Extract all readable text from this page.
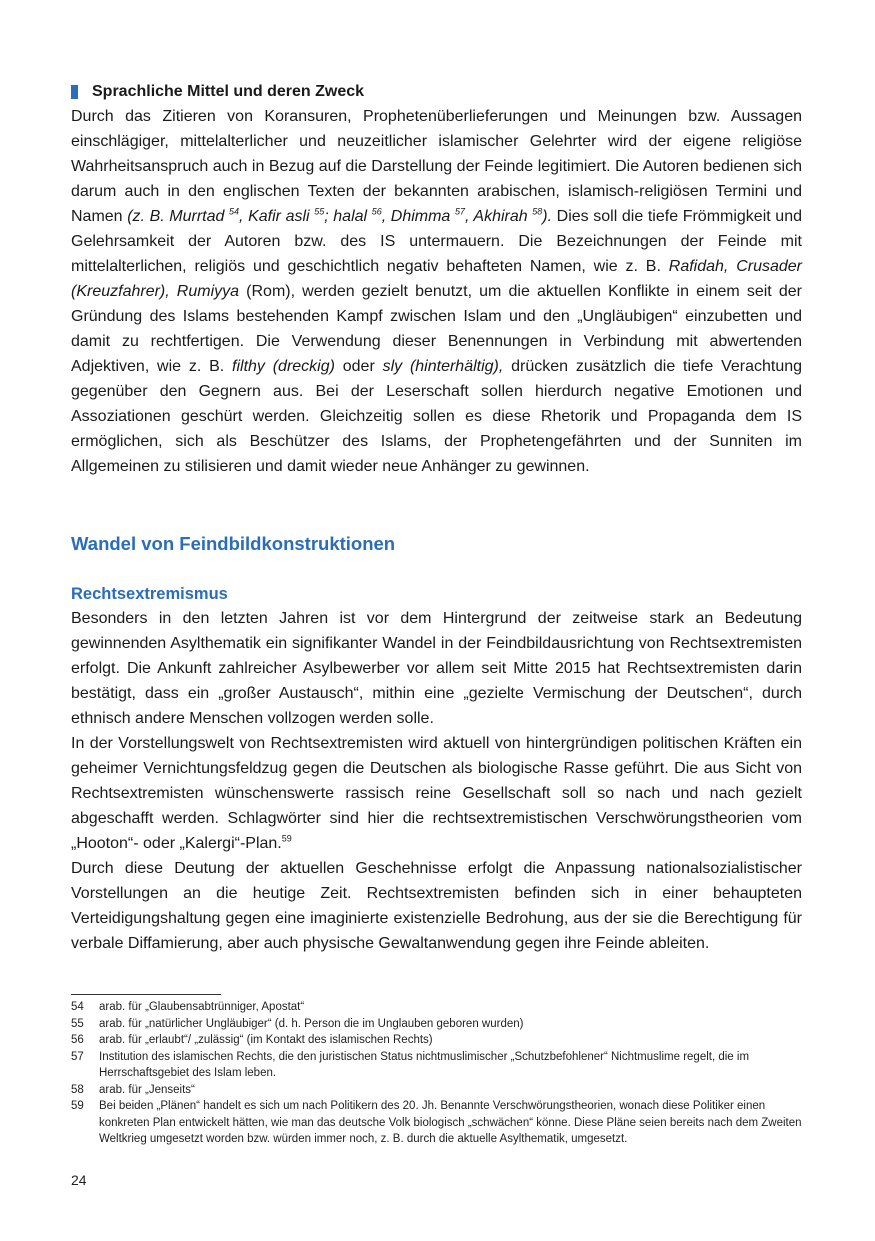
Sprachliche Mittel und deren Zweck

Durch das Zitieren von Koransuren, Prophetenüberlieferungen und Meinungen bzw. Aussagen einschlägiger, mittelalterlicher und neuzeitlicher islamischer Gelehrter wird der eigene religiöse Wahrheitsanspruch auch in Bezug auf die Darstellung der Feinde legitimiert. Die Autoren bedienen sich darum auch in den englischen Texten der bekannten arabischen, islamisch-religiösen Termini und Namen (z. B. Murrtad $^{54}$, Kafir asli $^{55}$; halal $^{56}$, Dhimma $^{57}$, Akhirah $^{58}$). Dies soll die tiefe Frömmigkeit und Gelehrsamkeit der Autoren bzw. des IS untermauern. Die Bezeichnungen der Feinde mit mittelalterlichen, religiös und geschichtlich negativ behafteten Namen, wie z. B. Rafidah, Crusader (Kreuzfahrer), Rumiyya (Rom), werden gezielt benutzt, um die aktuellen Konflikte in einem seit der Gründung des Islams bestehenden Kampf zwischen Islam und den „Ungläubigen“ einzubetten und damit zu rechtfertigen. Die Verwendung dieser Benennungen in Verbindung mit abwertenden Adjektiven, wie z. B. filthy (dreckig) oder sly (hinterhältig), drücken zusätzlich die tiefe Verachtung gegenüber den Gegnern aus. Bei der Leserschaft sollen hierdurch negative Emotionen und Assoziationen geschürt werden. Gleichzeitig sollen es diese Rhetorik und Propaganda dem IS ermöglichen, sich als Beschützer des Islams, der Prophetengefährten und der Sunniten im Allgemeinen zu stilisieren und damit wieder neue Anhänger zu gewinnen.

Wandel von Feindbildkonstruktionen
Rechtsextremismus

Besonders in den letzten Jahren ist vor dem Hintergrund der zeitweise stark an Bedeutung gewinnenden Asylthematik ein signifikanter Wandel in der Feindbildausrichtung von Rechtsextremisten erfolgt. Die Ankunft zahlreicher Asylbewerber vor allem seit Mitte 2015 hat Rechtsextremisten darin bestätigt, dass ein „großer Austausch“, mithin eine „gezielte Vermischung der Deutschen“, durch ethnisch andere Menschen vollzogen werden solle.

In der Vorstellungswelt von Rechtsextremisten wird aktuell von hintergründigen politischen Kräften ein geheimer Vernichtungsfeldzug gegen die Deutschen als biologische Rasse geführt. Die aus Sicht von Rechtsextremisten wünschenswerte rassisch reine Gesellschaft soll so nach und nach gezielt abgeschafft werden. Schlagwörter sind hier die rechtsextremistischen Verschwörungstheorien vom „Hooton“- oder „Kalergi“-Plan.$^{59}$

Durch diese Deutung der aktuellen Geschehnisse erfolgt die Anpassung nationalsozialistischer Vorstellungen an die heutige Zeit. Rechtsextremisten befinden sich in einer behaupteten Verteidigungshaltung gegen eine imaginierte existenzielle Bedrohung, aus der sie die Berechtigung für verbale Diffamierung, aber auch physische Gewaltanwendung gegen ihre Feinde ableiten.

54	arab. für „Glaubensabtrünniger, Apostat“
55	arab. für „natürlicher Ungläubiger“ (d. h. Person die im Unglauben geboren wurden)
56	arab. für „erlaubt“/ „zulässig“ (im Kontakt des islamischen Rechts)
57	Institution des islamischen Rechts, die den juristischen Status nichtmuslimischer „Schutzbefohlener“ Nichtmuslime regelt, die im Herrschaftsgebiet des Islam leben.
58	arab. für „Jenseits“
59	Bei beiden „Plänen“ handelt es sich um nach Politikern des 20. Jh. Benannte Verschwörungstheorien, wonach diese Politiker einen konkreten Plan entwickelt hätten, wie man das deutsche Volk biologisch „schwächen“ könne. Diese Pläne seien bereits nach dem Zweiten Weltkrieg umgesetzt worden bzw. würden immer noch, z. B. durch die aktuelle Asylthematik, umgesetzt.
24
